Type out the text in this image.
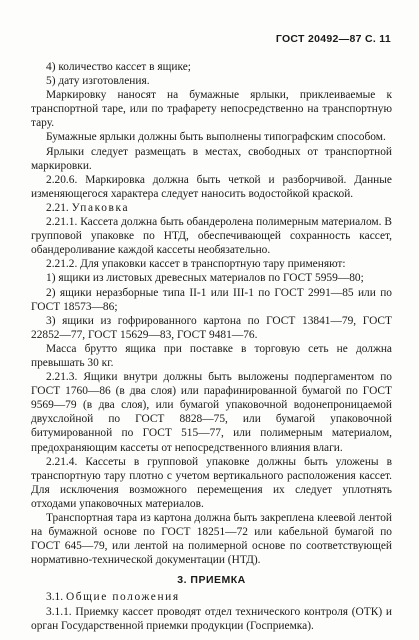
ГОСТ 20492—87 С. 11

4) количество кассет в ящике;

5) дату изготовления.

Маркировку наносят на бумажные ярлыки, приклеиваемые к транспортной таре, или по трафарету непосредственно на транспортную тару.

Бумажные ярлыки должны быть выполнены типографским способом.

Ярлыки следует размещать в местах, свободных от транспортной маркировки.

2.20.6. Маркировка должна быть четкой и разборчивой. Данные изменяющегося характера следует наносить водостойкой краской.

2.21. Упаковка

2.21.1. Кассета должна быть обандеролена полимерным материалом. В групповой упаковке по НТД, обеспечивающей сохранность кассет, обандероливание каждой кассеты необязательно.

2.21.2. Для упаковки кассет в транспортную тару применяют:

1) ящики из листовых древесных материалов по ГОСТ 5959—80;

2) ящики неразборные типа II-1 или III-1 по ГОСТ 2991—85 или по ГОСТ 18573—86;

3) ящики из гофрированного картона по ГОСТ 13841—79, ГОСТ 22852—77, ГОСТ 15629—83, ГОСТ 9481—76.

Масса брутто ящика при поставке в торговую сеть не должна превышать 30 кг.

2.21.3. Ящики внутри должны быть выложены подпергаментом по ГОСТ 1760—86 (в два слоя) или парафинированной бумагой по ГОСТ 9569—79 (в два слоя), или бумагой упаковочной водонепроницаемой двухслойной по ГОСТ 8828—75, или бумагой упаковочной битумированной по ГОСТ 515—77, или полимерным материалом, предохраняющим кассеты от непосредственного влияния влаги.

2.21.4. Кассеты в групповой упаковке должны быть уложены в транспортную тару плотно с учетом вертикального расположения кассет. Для исключения возможного перемещения их следует уплотнять отходами упаковочных материалов.

Транспортная тара из картона должна быть закреплена клеевой лентой на бумажной основе по ГОСТ 18251—72 или кабельной бумагой по ГОСТ 645—79, или лентой на полимерной основе по соответствующей нормативно-технической документации (НТД).

3. ПРИЕМКА

3.1. Общие положения

3.1.1. Приемку кассет проводят отдел технического контроля (ОТК) и орган Государственной приемки продукции (Госприемка).
